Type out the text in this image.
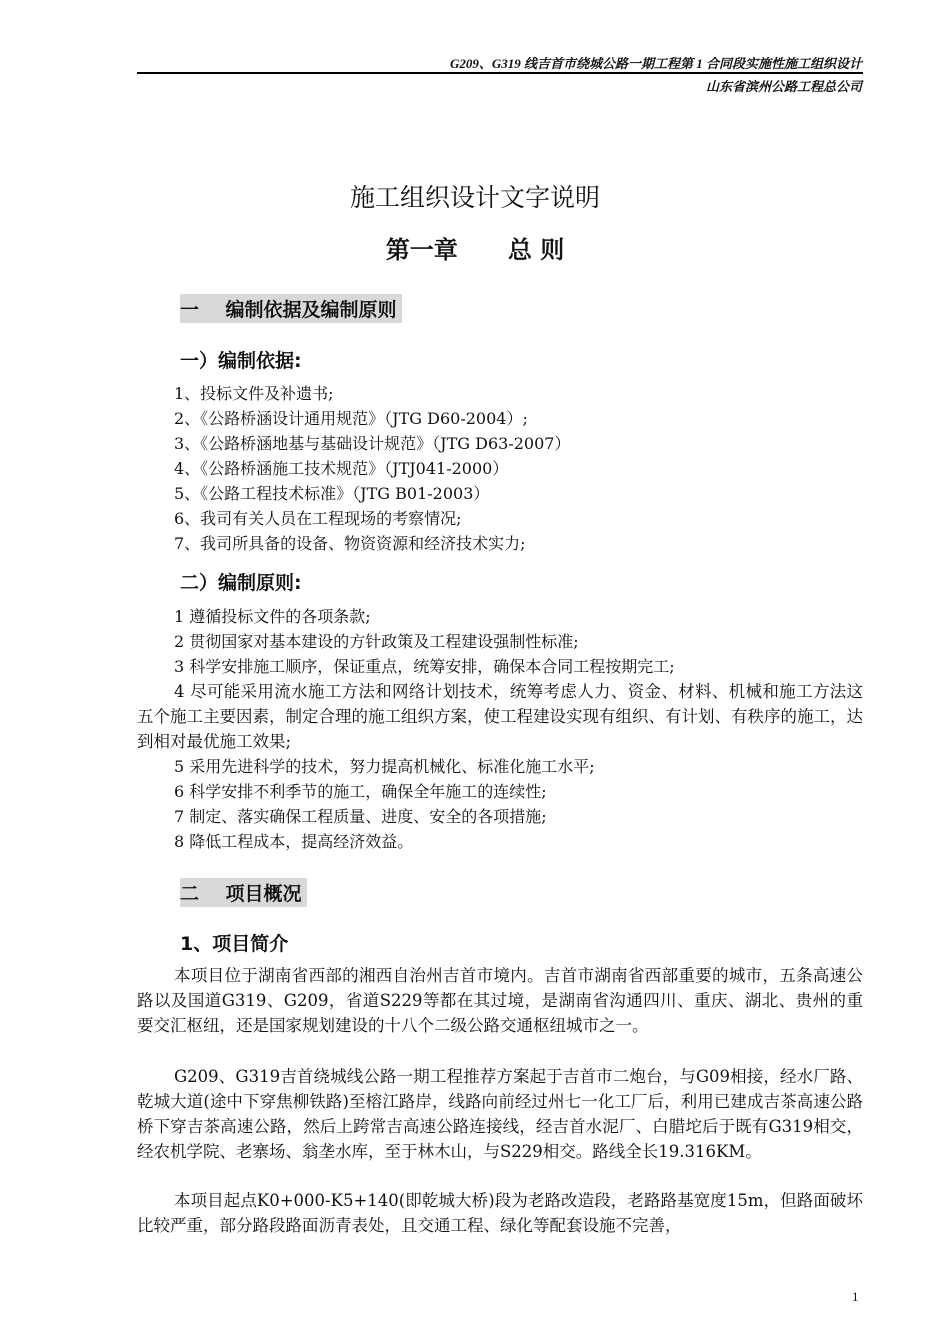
G209、G319 线吉首市绕城公路一期工程第 1 合同段实施性施工组织设计
山东省滨州公路工程总公司
施工组织设计文字说明
第一章      总 则
一    编制依据及编制原则
一）编制依据:
1、投标文件及补遗书;
2、《公路桥涵设计通用规范》（JTG D60-2004）;
3、《公路桥涵地基与基础设计规范》（JTG D63-2007）
4、《公路桥涵施工技术规范》（JTJ041-2000）
5、《公路工程技术标准》（JTG B01-2003）
6、我司有关人员在工程现场的考察情况;
7、我司所具备的设备、物资资源和经济技术实力;
二）编制原则:
1 遵循投标文件的各项条款;
2 贯彻国家对基本建设的方针政策及工程建设强制性标准;
3 科学安排施工顺序，保证重点，统筹安排，确保本合同工程按期完工;

4 尽可能采用流水施工方法和网络计划技术，统筹考虑人力、资金、材料、机械和施工方法这五个施工主要因素，制定合理的施工组织方案，使工程建设实现有组织、有计划、有秩序的施工，达到相对最优施工效果;

5 采用先进科学的技术，努力提高机械化、标准化施工水平;
6 科学安排不利季节的施工，确保全年施工的连续性;
7 制定、落实确保工程质量、进度、安全的各项措施;
8 降低工程成本，提高经济效益。
二    项目概况
1、项目简介

本项目位于湖南省西部的湘西自治州吉首市境内。吉首市湖南省西部重要的城市，五条高速公路以及国道G319、G209，省道S229等都在其过境，是湖南省沟通四川、重庆、湖北、贵州的重要交汇枢纽，还是国家规划建设的十八个二级公路交通枢纽城市之一。

G209、G319吉首绕城线公路一期工程推荐方案起于吉首市二炮台，与G09相接，经水厂路、乾城大道(途中下穿焦柳铁路)至榕江路岸，线路向前经过州七一化工厂后，利用已建成吉茶高速公路桥下穿吉茶高速公路，然后上跨常吉高速公路连接线，经吉首水泥厂、白腊坨后于既有G319相交，经农机学院、老寨场、翁垄水库，至于林木山，与S229相交。路线全长19.316KM。

本项目起点K0+000-K5+140(即乾城大桥)段为老路改造段，老路路基宽度15m，但路面破坏比较严重，部分路段路面沥青表处，且交通工程、绿化等配套设施不完善，

1
